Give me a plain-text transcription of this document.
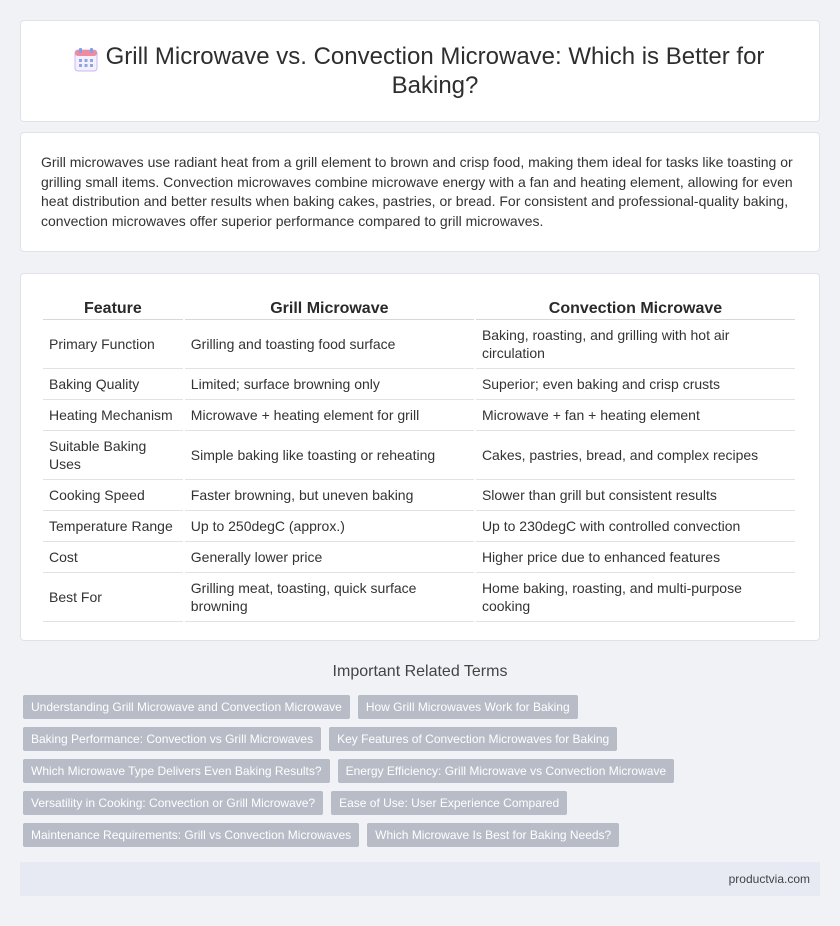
Grill Microwave vs. Convection Microwave: Which is Better for Baking?

Grill microwaves use radiant heat from a grill element to brown and crisp food, making them ideal for tasks like toasting or grilling small items. Convection microwaves combine microwave energy with a fan and heating element, allowing for even heat distribution and better results when baking cakes, pastries, or bread. For consistent and professional-quality baking, convection microwaves offer superior performance compared to grill microwaves.

Feature	Grill Microwave	Convection Microwave
Primary Function	Grilling and toasting food surface	Baking, roasting, and grilling with hot air circulation
Baking Quality	Limited; surface browning only	Superior; even baking and crisp crusts
Heating Mechanism	Microwave + heating element for grill	Microwave + fan + heating element
Suitable Baking Uses	Simple baking like toasting or reheating	Cakes, pastries, bread, and complex recipes
Cooking Speed	Faster browning, but uneven baking	Slower than grill but consistent results
Temperature Range	Up to 250degC (approx.)	Up to 230degC with controlled convection
Cost	Generally lower price	Higher price due to enhanced features
Best For	Grilling meat, toasting, quick surface browning	Home baking, roasting, and multi-purpose cooking
Important Related Terms
Understanding Grill Microwave and Convection Microwave	How Grill Microwaves Work for Baking
Baking Performance: Convection vs Grill Microwaves	Key Features of Convection Microwaves for Baking
Which Microwave Type Delivers Even Baking Results?	Energy Efficiency: Grill Microwave vs Convection Microwave
Versatility in Cooking: Convection or Grill Microwave?	Ease of Use: User Experience Compared
Maintenance Requirements: Grill vs Convection Microwaves	Which Microwave Is Best for Baking Needs?
productvia.com
